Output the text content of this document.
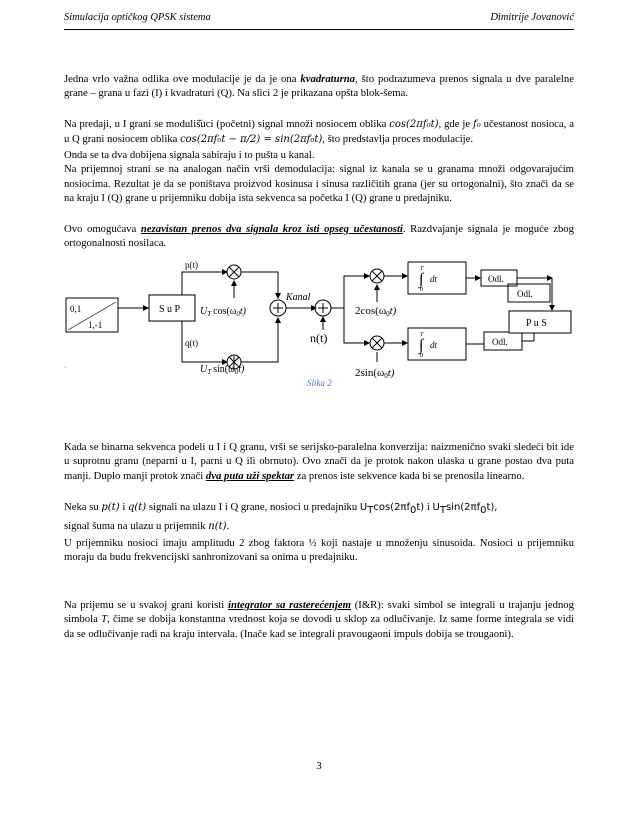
Simulacija optičkog QPSK sistema	Dimitrije Jovanović
Jedna vrlo važna odlika ove modulacije je da je ona kvadraturna, što podrazumeva prenos signala u dve paralelne grane – grana u fazi (I) i kvadraturi (Q). Na slici 2 je prikazana opšta blok-šema.
Na predaji, u I grani se moduliš̌uci (početni) signal množi nosiocem oblika cos(2πf₀t), gde je f₀ učestanost nosioca, a u Q grani nosiocem oblika cos(2πf₀t − π/2) = sin(2πf₀t), što predstavlja proces modulacije.
Onda se ta dva dobijena signala sabiraju i to pušta u kanal.
Na prijemnoj strani se na analogan način vrši demodulacija: signal iz kanala se u granama množi odgovarajućim nosiocima. Rezultat je da se poništava proizvod kosinusa i sinusa različitih grana (jer su ortogonalni), što znači da se na kraju I (Q) grane u prijemniku dobija ista sekvenca sa početka I (Q) grane u predajniku.
Ovo omogućava nezavistan prenos dva signala kroz isti opseg učestanosti. Razdvajanje signala je moguće zbog ortogonalnosti nosilaca.
0,1
1,-1
S u P
p(t)
q(t)
$U_T$ $\cos(\omega_0t)$
$U_T$ $\sin(\omega_0t)$
Kanal
n(t)
2cos(ω0t)
2sin(ω0t)
T
∫ dt
0
T
∫ dt
0
Odl.
Odl.
Odl.
P u S
`
Slika 2
Kada se binarna sekvenca podeli u I i Q granu, vrši se serijsko-paralelna konverzija: naizmenično svaki sledeći bit ide u suprotnu granu (neparni u I, parni u Q ili obrnuto). Ovo znači da je protok nakon ulaska u grane postao dva puta manji. Duplo manji protok znači dva puta uži spektar za prenos iste sekvence kada bi se prenosila linearno.
Neka su p(t) i q(t) signali na ulazu I i Q grane, nosioci u predajniku $U_T\cos(2\pi f_0t)$ i $U_T\sin(2\pi f_0t)$,
signal šuma na ulazu u prijemnik n(t).
U prijemniku nosioci imaju amplitudu 2 zbog faktora ½ koji nastaje u množenju sinusoida. Nosioci u prijemniku moraju da budu frekvencijski sanhronizovani sa onima u predajniku.
Na prijemu se u svakoj grani koristi integrator sa rasterećenjem (I&R): svaki simbol se integrali u trajanju jednog simbola T, čime se dobija konstantna vrednost koja se dovodi u sklop za odlučivanje. Iz same forme integrala se vidi da se odlučivanje radi na kraju intervala. (Inače kad se integrali pravougaoni impuls dobija se trougaoni).
3
